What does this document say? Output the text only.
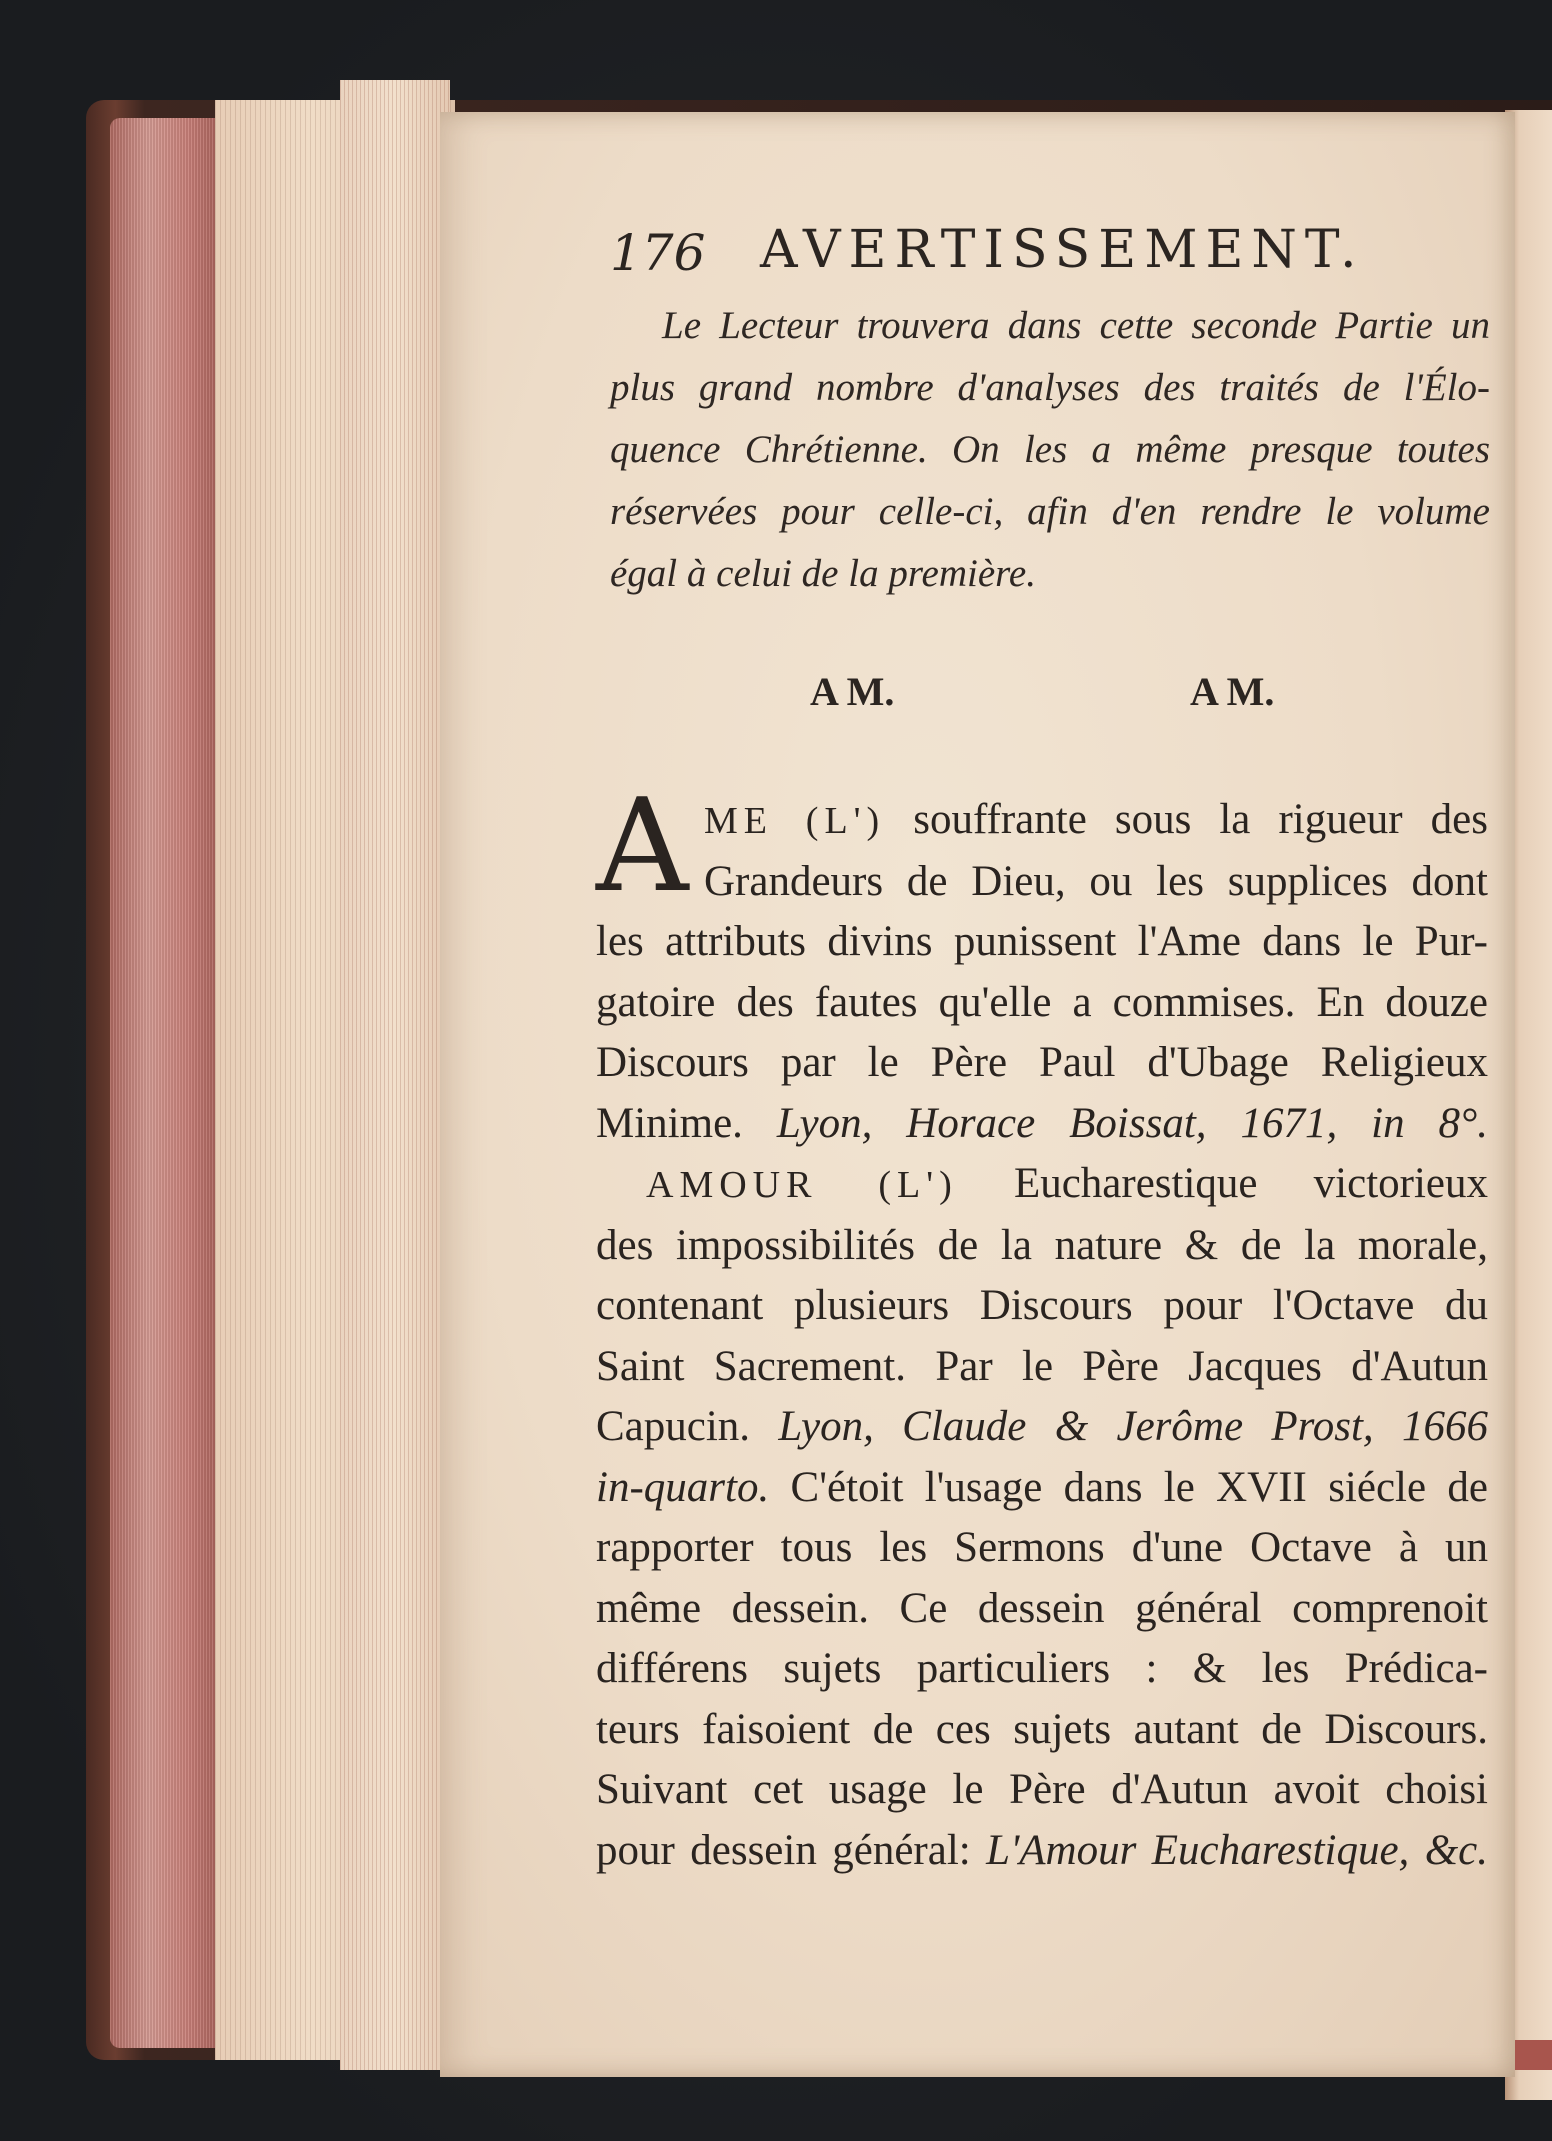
176 AVERTISSEMENT.
Le Lecteur trouvera dans cette seconde Partie un
plus grand nombre d'analyses des traités de l'Élo-
quence Chrétienne. On les a même presque toutes
réservées pour celle-ci, afin d'en rendre le volume
égal à celui de la première.
A M.	A M.
A ME (L') souffrante sous la rigueur des
Grandeurs de Dieu, ou les supplices dont
les attributs divins punissent l'Ame dans le Pur-
gatoire des fautes qu'elle a commises. En douze
Discours par le Père Paul d'Ubage Religieux
Minime. Lyon, Horace Boissat, 1671, in 8°.
AMOUR (L') Eucharestique victorieux
des impossibilités de la nature & de la morale,
contenant plusieurs Discours pour l'Octave du
Saint Sacrement. Par le Père Jacques d'Autun
Capucin. Lyon, Claude & Jerôme Prost, 1666
in-quarto. C'étoit l'usage dans le XVII siécle de
rapporter tous les Sermons d'une Octave à un
même dessein. Ce dessein général comprenoit
différens sujets particuliers : & les Prédica-
teurs faisoient de ces sujets autant de Discours.
Suivant cet usage le Père d'Autun avoit choisi
pour dessein général: L'Amour Eucharestique, &c.
